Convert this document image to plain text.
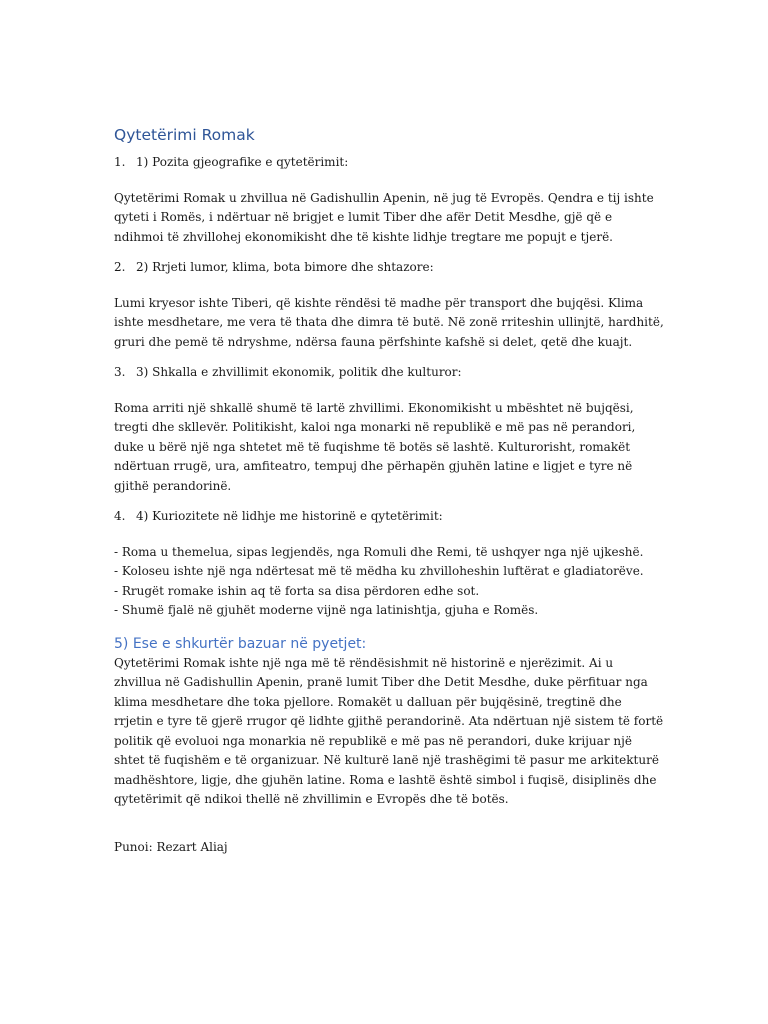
Qytetërimi Romak
1. 1) Pozita gjeografike e qytetërimit:

Qytetërimi Romak u zhvillua në Gadishullin Apenin, në jug të Evropës. Qendra e tij ishte qyteti i Romës, i ndërtuar në brigjet e lumit Tiber dhe afër Detit Mesdhe, gjë që e ndihmoi të zhvillohej ekonomikisht dhe të kishte lidhje tregtare me popujt e tjerë.

2. 2) Rrjeti lumor, klima, bota bimore dhe shtazore:

Lumi kryesor ishte Tiberi, që kishte rëndësi të madhe për transport dhe bujqësi. Klima ishte mesdhetare, me vera të thata dhe dimra të butë. Në zonë rriteshin ullinjtë, hardhitë, gruri dhe pemë të ndryshme, ndërsa fauna përfshinte kafshë si delet, qetë dhe kuajt.

3. 3) Shkalla e zhvillimit ekonomik, politik dhe kulturor:

Roma arriti një shkallë shumë të lartë zhvillimi. Ekonomikisht u mbështet në bujqësi, tregti dhe skllevër. Politikisht, kaloi nga monarki në republikë e më pas në perandori, duke u bërë një nga shtetet më të fuqishme të botës së lashtë. Kulturorisht, romakët ndërtuan rrugë, ura, amfiteatro, tempuj dhe përhapën gjuhën latine e ligjet e tyre në gjithë perandorinë.

4. 4) Kuriozitete në lidhje me historinë e qytetërimit:
- Roma u themelua, sipas legjendës, nga Romuli dhe Remi, të ushqyer nga një ujkeshë.
- Koloseu ishte një nga ndërtesat më të mëdha ku zhvilloheshin luftërat e gladiatorëve.
- Rrugët romake ishin aq të forta sa disa përdoren edhe sot.
- Shumë fjalë në gjuhët moderne vijnë nga latinishtja, gjuha e Romës.
5) Ese e shkurtër bazuar në pyetjet:

Qytetërimi Romak ishte një nga më të rëndësishmit në historinë e njerëzimit. Ai u zhvillua në Gadishullin Apenin, pranë lumit Tiber dhe Detit Mesdhe, duke përfituar nga klima mesdhetare dhe toka pjellore. Romakët u dalluan për bujqësinë, tregtinë dhe rrjetin e tyre të gjerë rrugor që lidhte gjithë perandorinë. Ata ndërtuan një sistem të fortë politik që evoluoi nga monarkia në republikë e më pas në perandori, duke krijuar një shtet të fuqishëm e të organizuar. Në kulturë lanë një trashëgimi të pasur me arkitekturë madhështore, ligje, dhe gjuhën latine. Roma e lashtë është simbol i fuqisë, disiplinës dhe qytetërimit që ndikoi thellë në zhvillimin e Evropës dhe të botës.

Punoi: Rezart Aliaj
